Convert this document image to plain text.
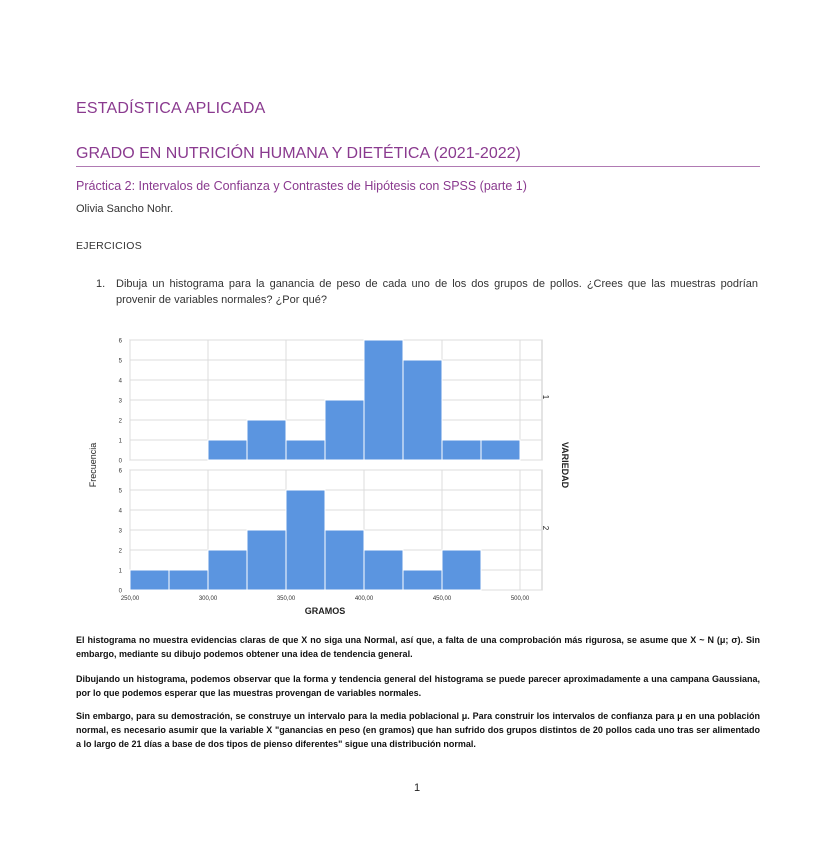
ESTADÍSTICA APLICADA
GRADO EN NUTRICIÓN HUMANA Y DIETÉTICA (2021-2022)
Práctica 2: Intervalos de Confianza y Contrastes de Hipótesis con SPSS (parte 1)
Olivia Sancho Nohr.
EJERCICIOS
1. Dibuja un histograma para la ganancia de peso de cada uno de los dos grupos de pollos. ¿Crees que las muestras podrían provenir de variables normales? ¿Por qué?
0
1
2
3
4
5
6
0
1
2
3
4
5
6
250,00	300,00	350,00	400,00	450,00	500,00
Frecuencia
GRAMOS
VARIEDAD
1
2
El histograma no muestra evidencias claras de que X no siga una Normal, así que, a falta de una comprobación más rigurosa, se asume que X ~ N (μ; σ). Sin embargo, mediante su dibujo podemos obtener una idea de tendencia general.
Dibujando un histograma, podemos observar que la forma y tendencia general del histograma se puede parecer aproximadamente a una campana Gaussiana, por lo que podemos esperar que las muestras provengan de variables normales.
Sin embargo, para su demostración, se construye un intervalo para la media poblacional μ. Para construir los intervalos de confianza para μ en una población normal, es necesario asumir que la variable X "ganancias en peso (en gramos) que han sufrido dos grupos distintos de 20 pollos cada uno tras ser alimentado a lo largo de 21 días a base de dos tipos de pienso diferentes" sigue una distribución normal.
1
